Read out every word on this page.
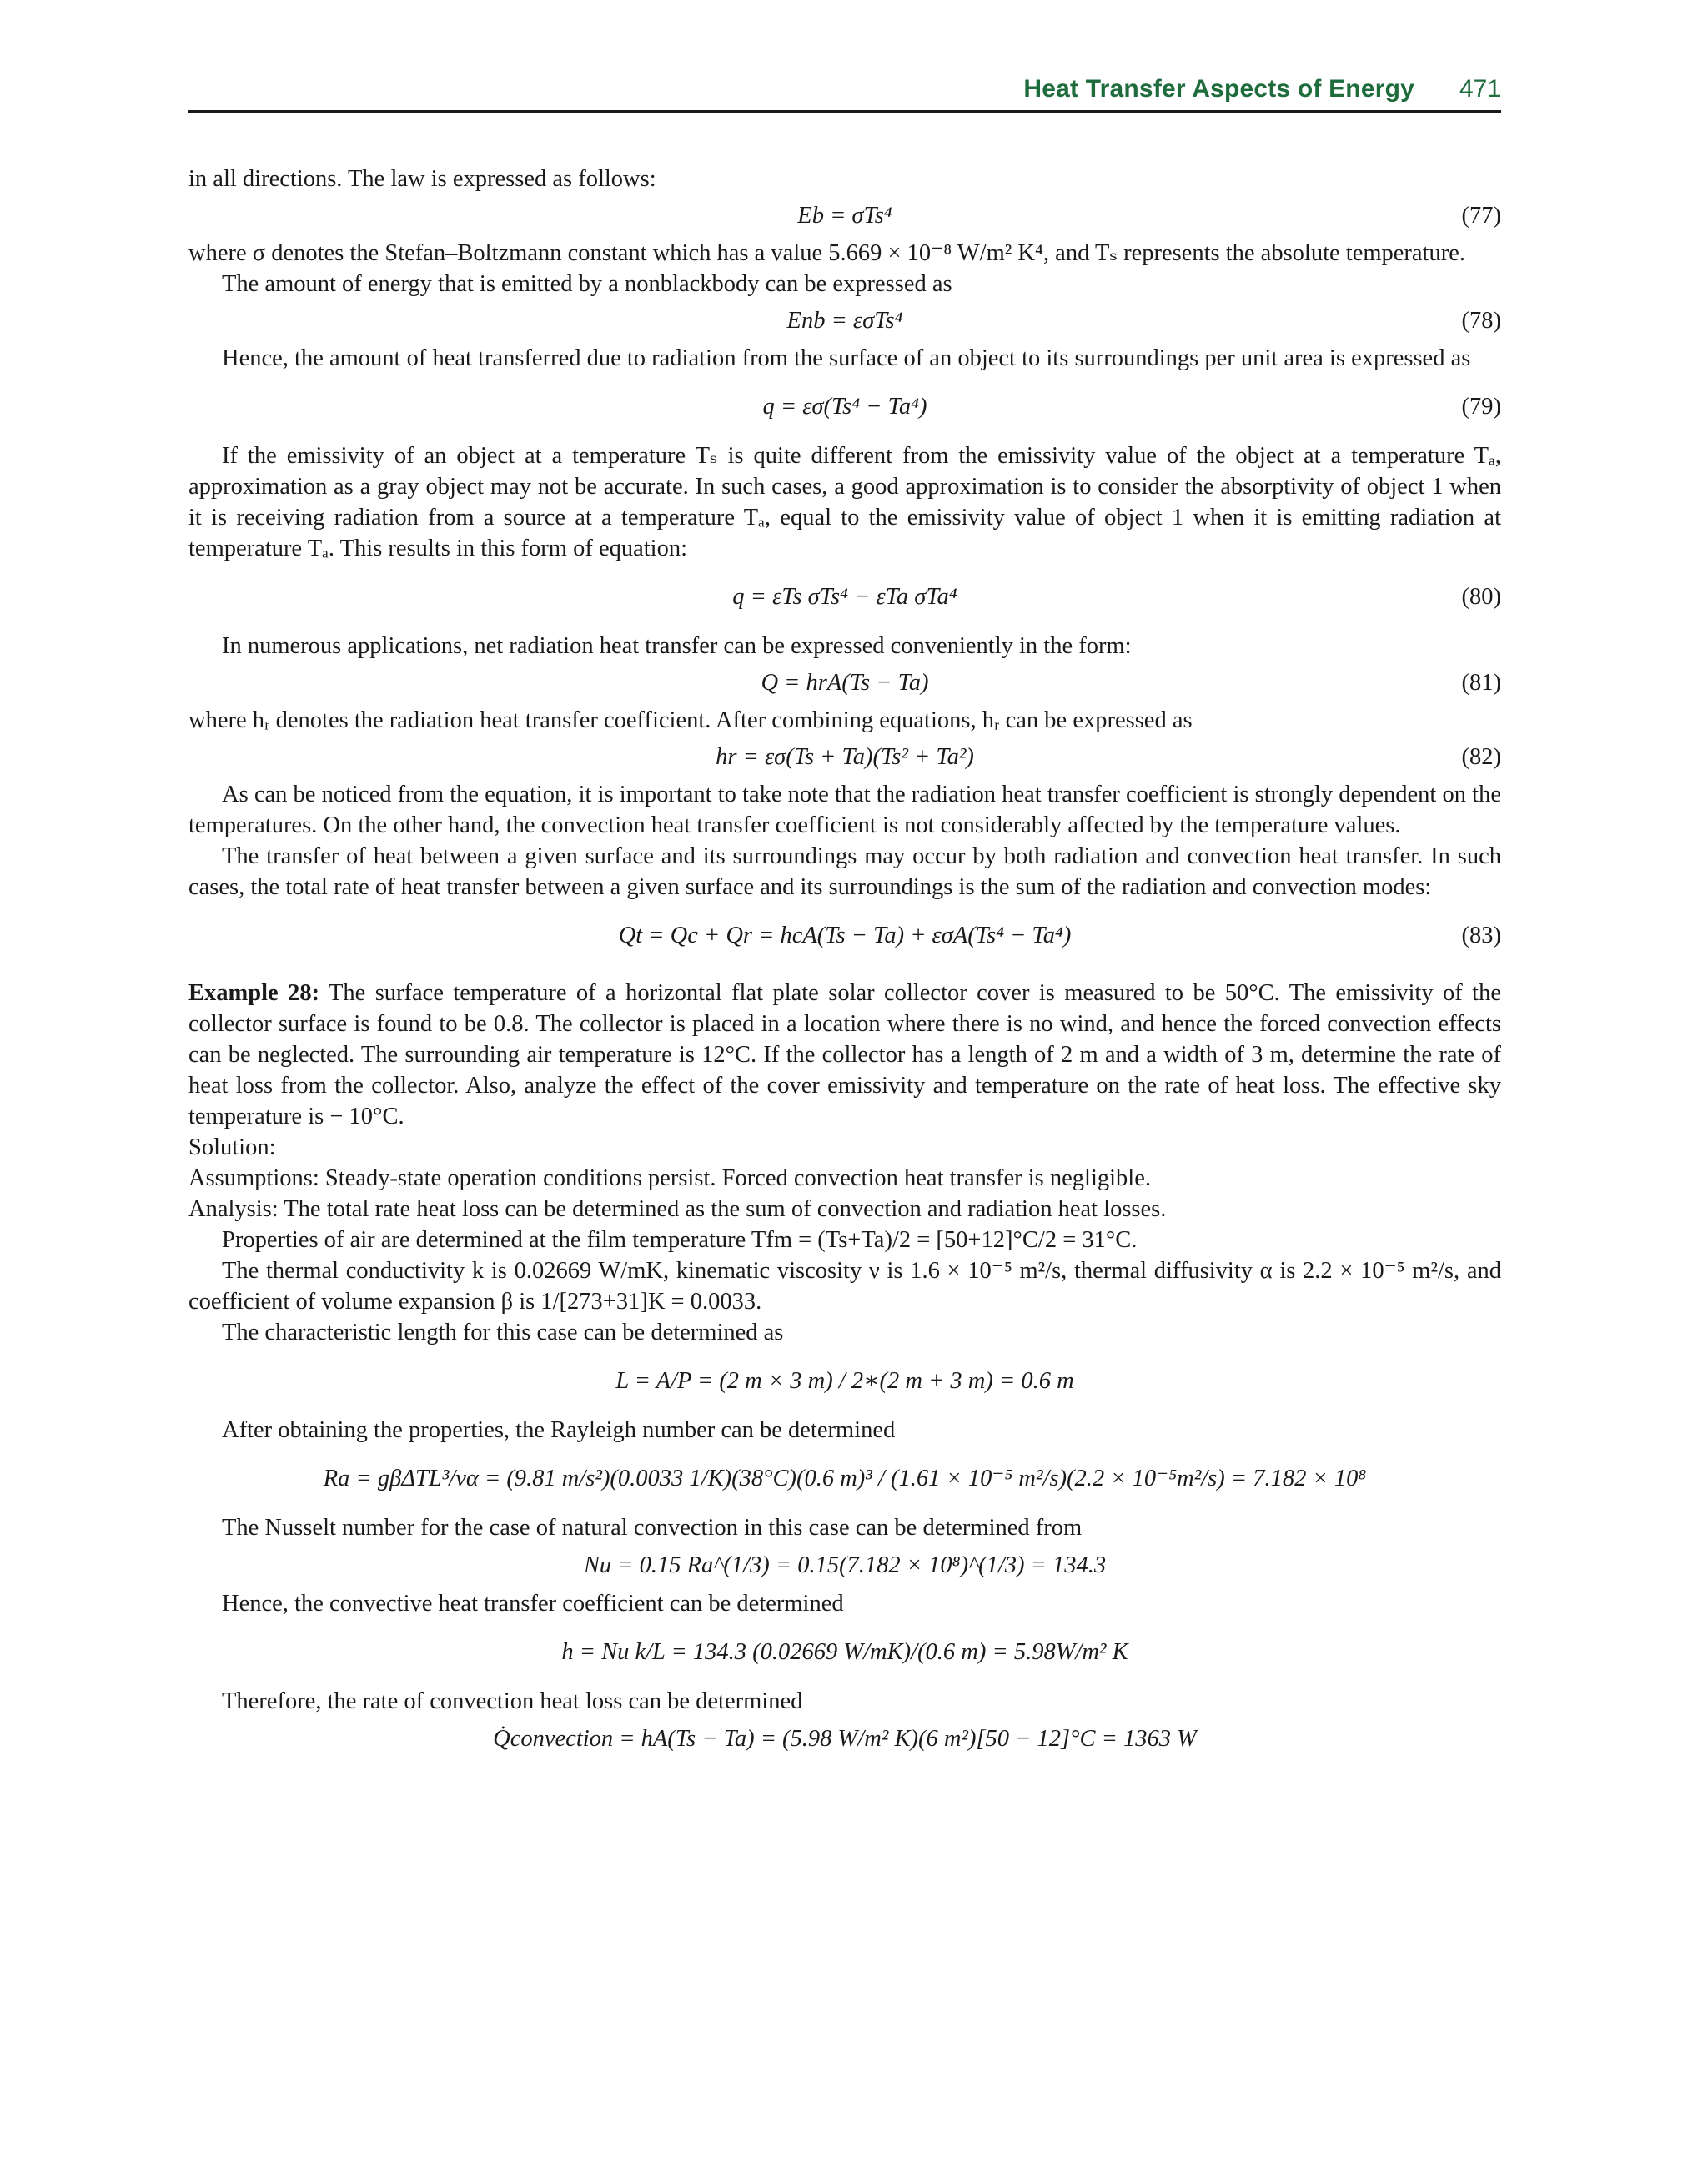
Heat Transfer Aspects of Energy 471

in all directions. The law is expressed as follows:

Eb = σTs⁴	(77)

where σ denotes the Stefan–Boltzmann constant which has a value 5.669 × 10⁻⁸ W/m² K⁴, and Tₛ represents the absolute temperature.

The amount of energy that is emitted by a nonblackbody can be expressed as

Enb = εσTs⁴	(78)

Hence, the amount of heat transferred due to radiation from the surface of an object to its surroundings per unit area is expressed as

q = εσ(Ts⁴ − Ta⁴)	(79)

If the emissivity of an object at a temperature Tₛ is quite different from the emissivity value of the object at a temperature Tₐ, approximation as a gray object may not be accurate. In such cases, a good approximation is to consider the absorptivity of object 1 when it is receiving radiation from a source at a temperature Tₐ, equal to the emissivity value of object 1 when it is emitting radiation at temperature Tₐ. This results in this form of equation:

q = εTs σTs⁴ − εTa σTa⁴	(80)

In numerous applications, net radiation heat transfer can be expressed conveniently in the form:

Q = hrA(Ts − Ta)	(81)

where hᵣ denotes the radiation heat transfer coefficient. After combining equations, hᵣ can be expressed as

hr = εσ(Ts + Ta)(Ts² + Ta²)	(82)

As can be noticed from the equation, it is important to take note that the radiation heat transfer coefficient is strongly dependent on the temperatures. On the other hand, the convection heat transfer coefficient is not considerably affected by the temperature values.

The transfer of heat between a given surface and its surroundings may occur by both radiation and convection heat transfer. In such cases, the total rate of heat transfer between a given surface and its surroundings is the sum of the radiation and convection modes:

Qt = Qc + Qr = hcA(Ts − Ta) + εσA(Ts⁴ − Ta⁴)	(83)

Example 28: The surface temperature of a horizontal flat plate solar collector cover is measured to be 50°C. The emissivity of the collector surface is found to be 0.8. The collector is placed in a location where there is no wind, and hence the forced convection effects can be neglected. The surrounding air temperature is 12°C. If the collector has a length of 2 m and a width of 3 m, determine the rate of heat loss from the collector. Also, analyze the effect of the cover emissivity and temperature on the rate of heat loss. The effective sky temperature is − 10°C.

Solution:

Assumptions: Steady-state operation conditions persist. Forced convection heat transfer is negligible.

Analysis: The total rate heat loss can be determined as the sum of convection and radiation heat losses.

Properties of air are determined at the film temperature Tfm = (Ts+Ta)/2 = [50+12]°C/2 = 31°C.

The thermal conductivity k is 0.02669 W/mK, kinematic viscosity ν is 1.6 × 10⁻⁵ m²/s, thermal diffusivity α is 2.2 × 10⁻⁵ m²/s, and coefficient of volume expansion β is 1/[273+31]K = 0.0033.

The characteristic length for this case can be determined as

L = A/P = (2 m × 3 m) / 2∗(2 m + 3 m) = 0.6 m

After obtaining the properties, the Rayleigh number can be determined

Ra = gβΔTL³/να = (9.81 m/s²)(0.0033 1/K)(38°C)(0.6 m)³ / (1.61 × 10⁻⁵ m²/s)(2.2 × 10⁻⁵m²/s) = 7.182 × 10⁸

The Nusselt number for the case of natural convection in this case can be determined from

Nu = 0.15 Ra^(1/3) = 0.15(7.182 × 10⁸)^(1/3) = 134.3

Hence, the convective heat transfer coefficient can be determined

h = Nu k/L = 134.3 (0.02669 W/mK)/(0.6 m) = 5.98W/m² K

Therefore, the rate of convection heat loss can be determined

Q̇convection = hA(Ts − Ta) = (5.98 W/m² K)(6 m²)[50 − 12]°C = 1363 W
